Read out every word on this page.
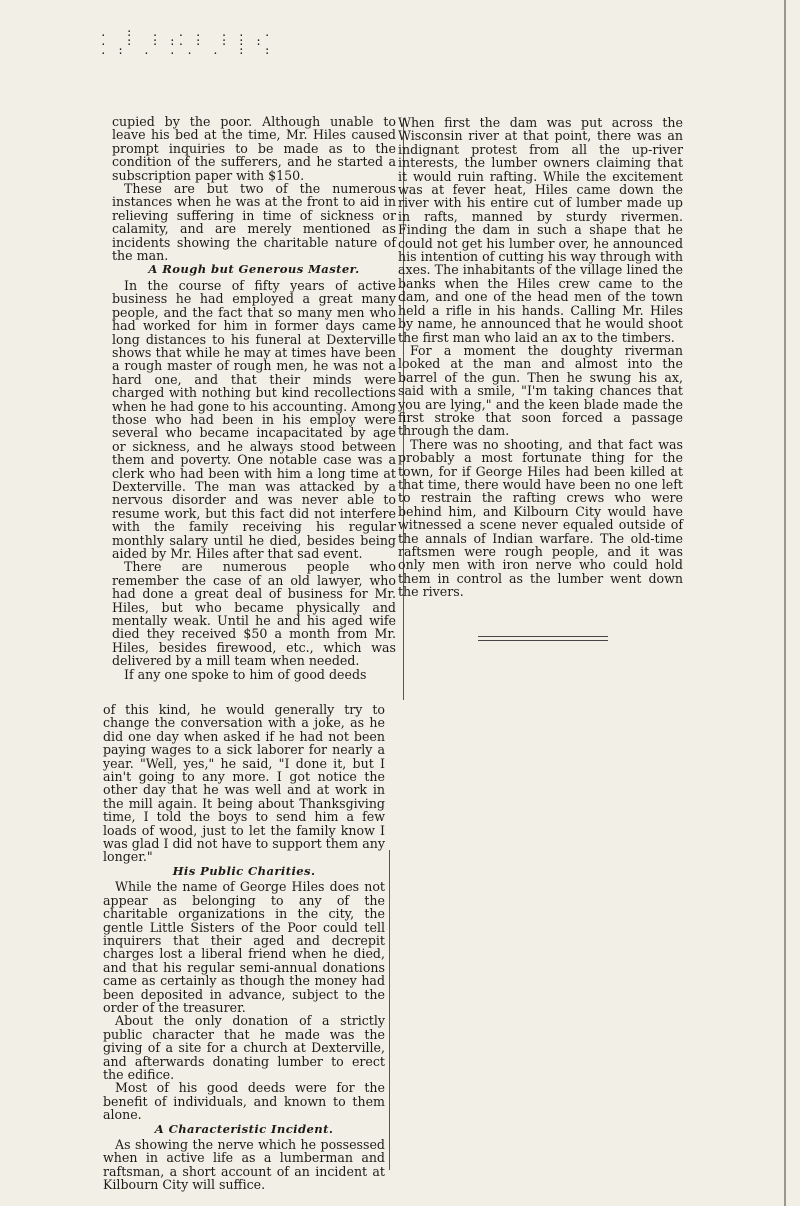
.  :  .  . .  . .  .
.  :  : :. :  : : :
. :  .  . .  .  :  :

cupied by the poor. Although unable to leave his bed at the time, Mr. Hiles caused prompt inquiries to be made as to the condition of the sufferers, and he started a subscription paper with $150.

These are but two of the numerous instances when he was at the front to aid in relieving suffering in time of sickness or calamity, and are merely mentioned as incidents showing the charitable nature of the man.

A Rough but Generous Master.

In the course of fifty years of active business he had employed a great many people, and the fact that so many men who had worked for him in former days came long distances to his funeral at Dexterville shows that while he may at times have been a rough master of rough men, he was not a hard one, and that their minds were charged with nothing but kind recollections when he had gone to his accounting. Among those who had been in his employ were several who became incapacitated by age or sickness, and he always stood between them and poverty. One notable case was a clerk who had been with him a long time at Dexterville. The man was attacked by a nervous disorder and was never able to resume work, but this fact did not interfere with the family receiving his regular monthly salary until he died, besides being aided by Mr. Hiles after that sad event.

There are numerous people who remember the case of an old lawyer, who had done a great deal of business for Mr. Hiles, but who became physically and mentally weak. Until he and his aged wife died they received $50 a month from Mr. Hiles, besides firewood, etc., which was delivered by a mill team when needed.

If any one spoke to him of good deeds

of this kind, he would generally try to change the conversation with a joke, as he did one day when asked if he had not been paying wages to a sick laborer for nearly a year. "Well, yes," he said, "I done it, but I ain't going to any more. I got notice the other day that he was well and at work in the mill again. It being about Thanksgiving time, I told the boys to send him a few loads of wood, just to let the family know I was glad I did not have to support them any longer."

His Public Charities.

While the name of George Hiles does not appear as belonging to any of the charitable organizations in the city, the gentle Little Sisters of the Poor could tell inquirers that their aged and decrepit charges lost a liberal friend when he died, and that his regular semi-annual donations came as certainly as though the money had been deposited in advance, subject to the order of the treasurer.

About the only donation of a strictly public character that he made was the giving of a site for a church at Dexterville, and afterwards donating lumber to erect the edifice.

Most of his good deeds were for the benefit of individuals, and known to them alone.

A Characteristic Incident.

As showing the nerve which he possessed when in active life as a lumberman and raftsman, a short account of an incident at Kilbourn City will suffice.

When first the dam was put across the Wisconsin river at that point, there was an indignant protest from all the up-river interests, the lumber owners claiming that it would ruin rafting. While the excitement was at fever heat, Hiles came down the river with his entire cut of lumber made up in rafts, manned by sturdy rivermen. Finding the dam in such a shape that he could not get his lumber over, he announced his intention of cutting his way through with axes. The inhabitants of the village lined the banks when the Hiles crew came to the dam, and one of the head men of the town held a rifle in his hands. Calling Mr. Hiles by name, he announced that he would shoot the first man who laid an ax to the timbers.

For a moment the doughty riverman looked at the man and almost into the barrel of the gun. Then he swung his ax, said with a smile, "I'm taking chances that you are lying," and the keen blade made the first stroke that soon forced a passage through the dam.

There was no shooting, and that fact was probably a most fortunate thing for the town, for if George Hiles had been killed at that time, there would have been no one left to restrain the rafting crews who were behind him, and Kilbourn City would have witnessed a scene never equaled outside of the annals of Indian warfare. The old-time raftsmen were rough people, and it was only men with iron nerve who could hold them in control as the lumber went down the rivers.
